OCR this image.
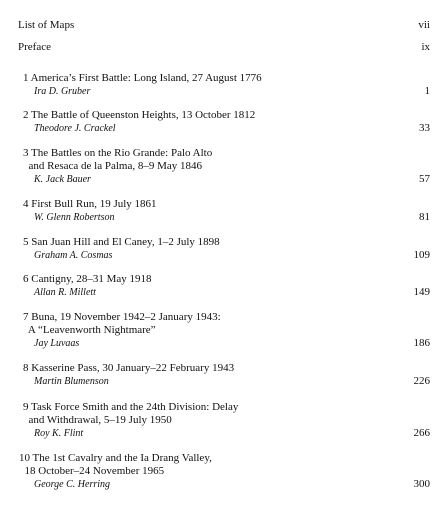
List of Maps	vii
Preface	ix
1 America’s First Battle: Long Island, 27 August 1776
Ira D. Gruber	1
2 The Battle of Queenston Heights, 13 October 1812
Theodore J. Crackel	33
3 The Battles on the Rio Grande: Palo Alto
and Resaca de la Palma, 8–9 May 1846
K. Jack Bauer	57
4 First Bull Run, 19 July 1861
W. Glenn Robertson	81
5 San Juan Hill and El Caney, 1–2 July 1898
Graham A. Cosmas	109
6 Cantigny, 28–31 May 1918
Allan R. Millett	149
7 Buna, 19 November 1942–2 January 1943:
A “Leavenworth Nightmare”
Jay Luvaas	186
8 Kasserine Pass, 30 January–22 February 1943
Martin Blumenson	226
9 Task Force Smith and the 24th Division: Delay
and Withdrawal, 5–19 July 1950
Roy K. Flint	266
10 The 1st Cavalry and the Ia Drang Valley,
18 October–24 November 1965
George C. Herring	300
